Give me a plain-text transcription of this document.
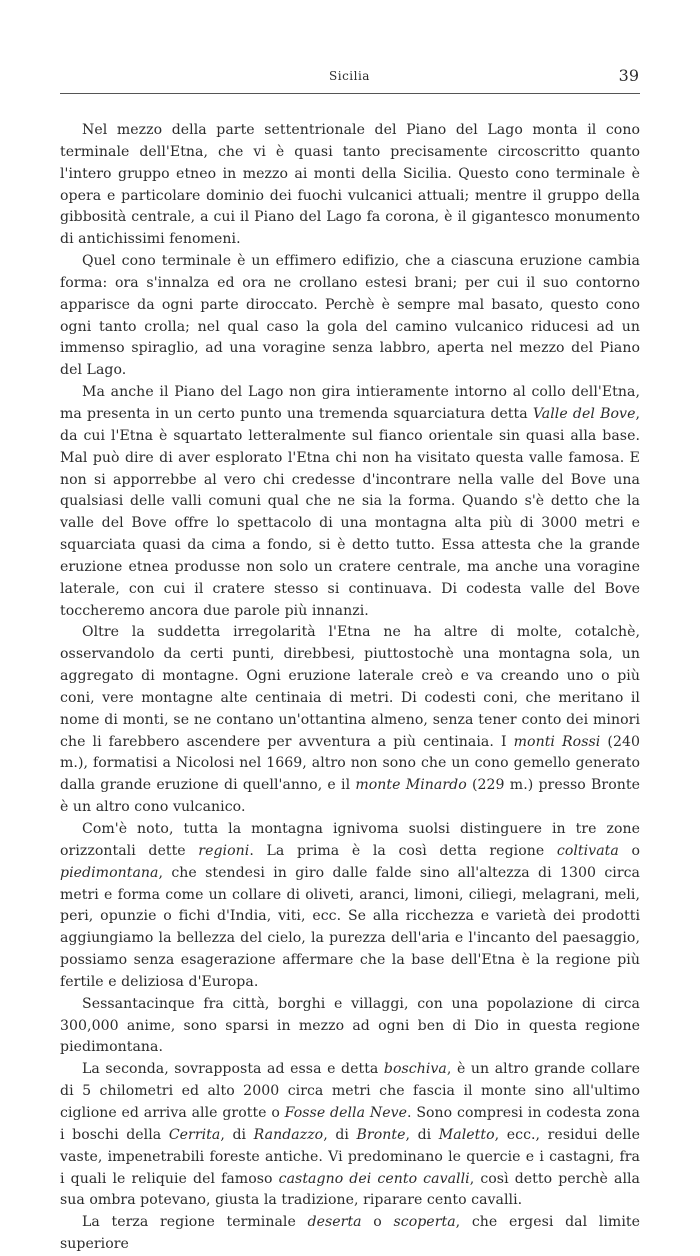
Sicilia	39

Nel mezzo della parte settentrionale del Piano del Lago monta il cono terminale dell'Etna, che vi è quasi tanto precisamente circoscritto quanto l'intero gruppo etneo in mezzo ai monti della Sicilia. Questo cono terminale è opera e particolare dominio dei fuochi vulcanici attuali; mentre il gruppo della gibbosità centrale, a cui il Piano del Lago fa corona, è il gigantesco monumento di antichissimi fenomeni.

Quel cono terminale è un effimero edifizio, che a ciascuna eruzione cambia forma: ora s'innalza ed ora ne crollano estesi brani; per cui il suo contorno apparisce da ogni parte diroccato. Perchè è sempre mal basato, questo cono ogni tanto crolla; nel qual caso la gola del camino vulcanico riducesi ad un immenso spiraglio, ad una voragine senza labbro, aperta nel mezzo del Piano del Lago.

Ma anche il Piano del Lago non gira intieramente intorno al collo dell'Etna, ma presenta in un certo punto una tremenda squarciatura detta Valle del Bove, da cui l'Etna è squartato letteralmente sul fianco orientale sin quasi alla base. Mal può dire di aver esplorato l'Etna chi non ha visitato questa valle famosa. E non si apporrebbe al vero chi credesse d'incontrare nella valle del Bove una qualsiasi delle valli comuni qual che ne sia la forma. Quando s'è detto che la valle del Bove offre lo spettacolo di una montagna alta più di 3000 metri e squarciata quasi da cima a fondo, si è detto tutto. Essa attesta che la grande eruzione etnea produsse non solo un cratere centrale, ma anche una voragine laterale, con cui il cratere stesso si continuava. Di codesta valle del Bove toccheremo ancora due parole più innanzi.

Oltre la suddetta irregolarità l'Etna ne ha altre di molte, cotalchè, osservandolo da certi punti, direbbesi, piuttostochè una montagna sola, un aggregato di montagne. Ogni eruzione laterale creò e va creando uno o più coni, vere montagne alte centinaia di metri. Di codesti coni, che meritano il nome di monti, se ne contano un'ottantina almeno, senza tener conto dei minori che li farebbero ascendere per avventura a più centinaia. I monti Rossi (240 m.), formatisi a Nicolosi nel 1669, altro non sono che un cono gemello generato dalla grande eruzione di quell'anno, e il monte Minardo (229 m.) presso Bronte è un altro cono vulcanico.

Com'è noto, tutta la montagna ignivoma suolsi distinguere in tre zone orizzontali dette regioni. La prima è la così detta regione coltivata o piedimontana, che stendesi in giro dalle falde sino all'altezza di 1300 circa metri e forma come un collare di oliveti, aranci, limoni, ciliegi, melagrani, meli, peri, opunzie o fichi d'India, viti, ecc. Se alla ricchezza e varietà dei prodotti aggiungiamo la bellezza del cielo, la purezza dell'aria e l'incanto del paesaggio, possiamo senza esagerazione affermare che la base dell'Etna è la regione più fertile e deliziosa d'Europa.

Sessantacinque fra città, borghi e villaggi, con una popolazione di circa 300,000 anime, sono sparsi in mezzo ad ogni ben di Dio in questa regione piedimontana.

La seconda, sovrapposta ad essa e detta boschiva, è un altro grande collare di 5 chilometri ed alto 2000 circa metri che fascia il monte sino all'ultimo ciglione ed arriva alle grotte o Fosse della Neve. Sono compresi in codesta zona i boschi della Cerrita, di Randazzo, di Bronte, di Maletto, ecc., residui delle vaste, impenetrabili foreste antiche. Vi predominano le quercie e i castagni, fra i quali le reliquie del famoso castagno dei cento cavalli, così detto perchè alla sua ombra potevano, giusta la tradizione, riparare cento cavalli.

La terza regione terminale deserta o scoperta, che ergesi dal limite superiore
